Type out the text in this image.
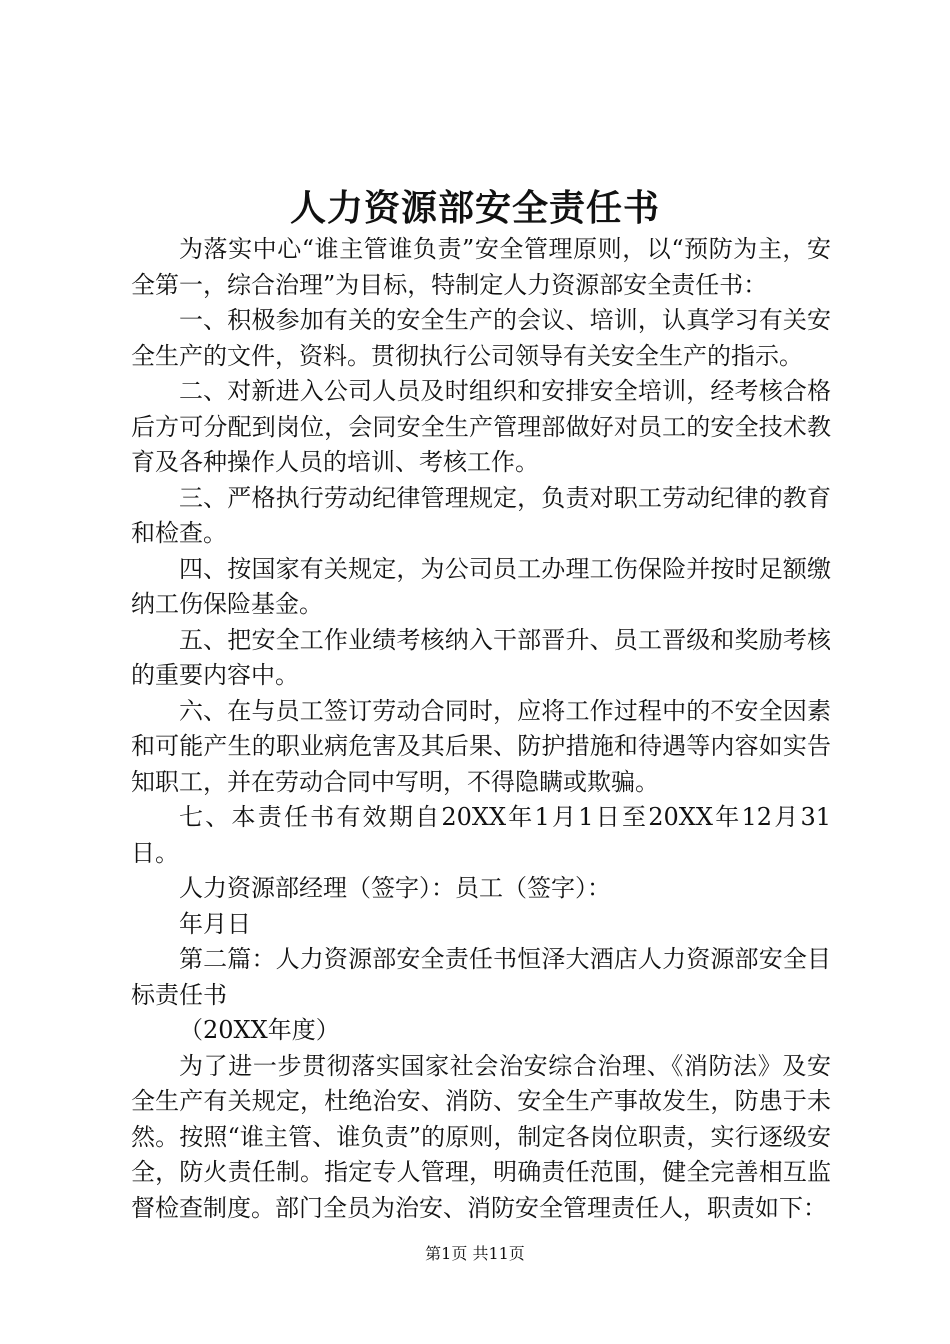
人力资源部安全责任书

为落实中心“谁主管谁负责”安全管理原则，以“预防为主，安全第一，综合治理”为目标，特制定人力资源部安全责任书：

一、积极参加有关的安全生产的会议、培训，认真学习有关安全生产的文件，资料。贯彻执行公司领导有关安全生产的指示。

二、对新进入公司人员及时组织和安排安全培训，经考核合格后方可分配到岗位，会同安全生产管理部做好对员工的安全技术教育及各种操作人员的培训、考核工作。

三、严格执行劳动纪律管理规定，负责对职工劳动纪律的教育和检查。

四、按国家有关规定，为公司员工办理工伤保险并按时足额缴纳工伤保险基金。

五、把安全工作业绩考核纳入干部晋升、员工晋级和奖励考核的重要内容中。

六、在与员工签订劳动合同时，应将工作过程中的不安全因素和可能产生的职业病危害及其后果、防护措施和待遇等内容如实告知职工，并在劳动合同中写明，不得隐瞒或欺骗。

七、本责任书有效期自20XX年1月1日至20XX年12月31日。

人力资源部经理（签字）：员工（签字）：

年月日

第二篇：人力资源部安全责任书恒泽大酒店人力资源部安全目标责任书

（20XX年度）

为了进一步贯彻落实国家社会治安综合治理、《消防法》及安全生产有关规定，杜绝治安、消防、安全生产事故发生，防患于未然。按照“谁主管、谁负责”的原则，制定各岗位职责，实行逐级安全，防火责任制。指定专人管理，明确责任范围，健全完善相互监督检查制度。部门全员为治安、消防安全管理责任人，职责如下：

第1页 共11页
